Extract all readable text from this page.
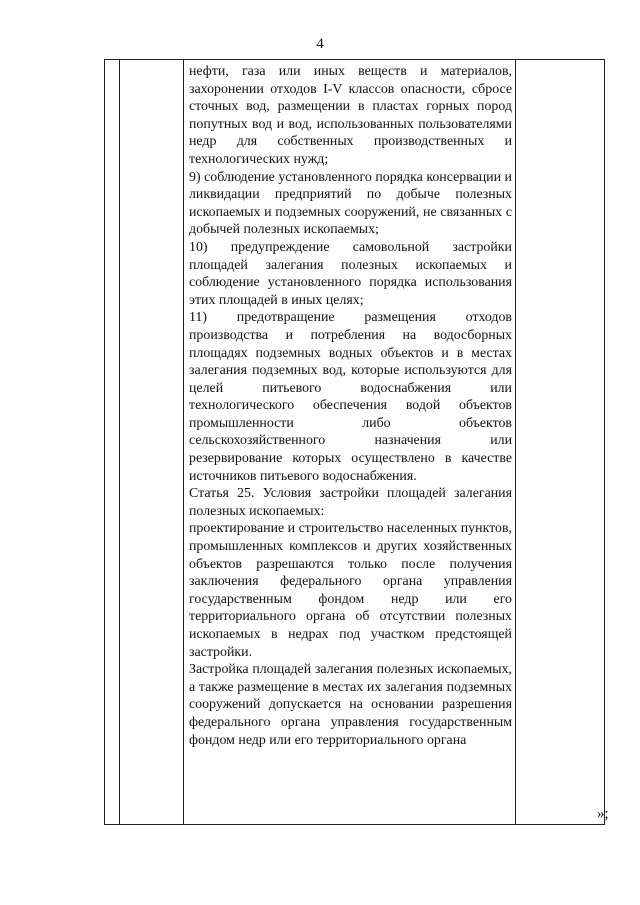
4

нефти, газа или иных веществ и материалов, захоронении отходов I-V классов опасности, сбросе сточных вод, размещении в пластах горных пород попутных вод и вод, использованных пользователями недр для собственных производственных и технологических нужд;

9) соблюдение установленного порядка консервации и ликвидации предприятий по добыче полезных ископаемых и подземных сооружений, не связанных с добычей полезных ископаемых;

10) предупреждение самовольной застройки площадей залегания полезных ископаемых и соблюдение установленного порядка использования этих площадей в иных целях;

11) предотвращение размещения отходов производства и потребления на водосборных площадях подземных водных объектов и в местах залегания подземных вод, которые используются для целей питьевого водоснабжения или технологического обеспечения водой объектов промышленности либо объектов сельскохозяйственного назначения или резервирование которых осуществлено в качестве источников питьевого водоснабжения.

Статья 25. Условия застройки площадей залегания полезных ископаемых:

проектирование и строительство населенных пунктов, промышленных комплексов и других хозяйственных объектов разрешаются только после получения заключения федерального органа управления государственным фондом недр или его территориального органа об отсутствии полезных ископаемых в недрах под участком предстоящей застройки.

Застройка площадей залегания полезных ископаемых, а также размещение в местах их залегания подземных сооружений допускается на основании разрешения федерального органа управления государственным фондом недр или его территориального органа

»;
